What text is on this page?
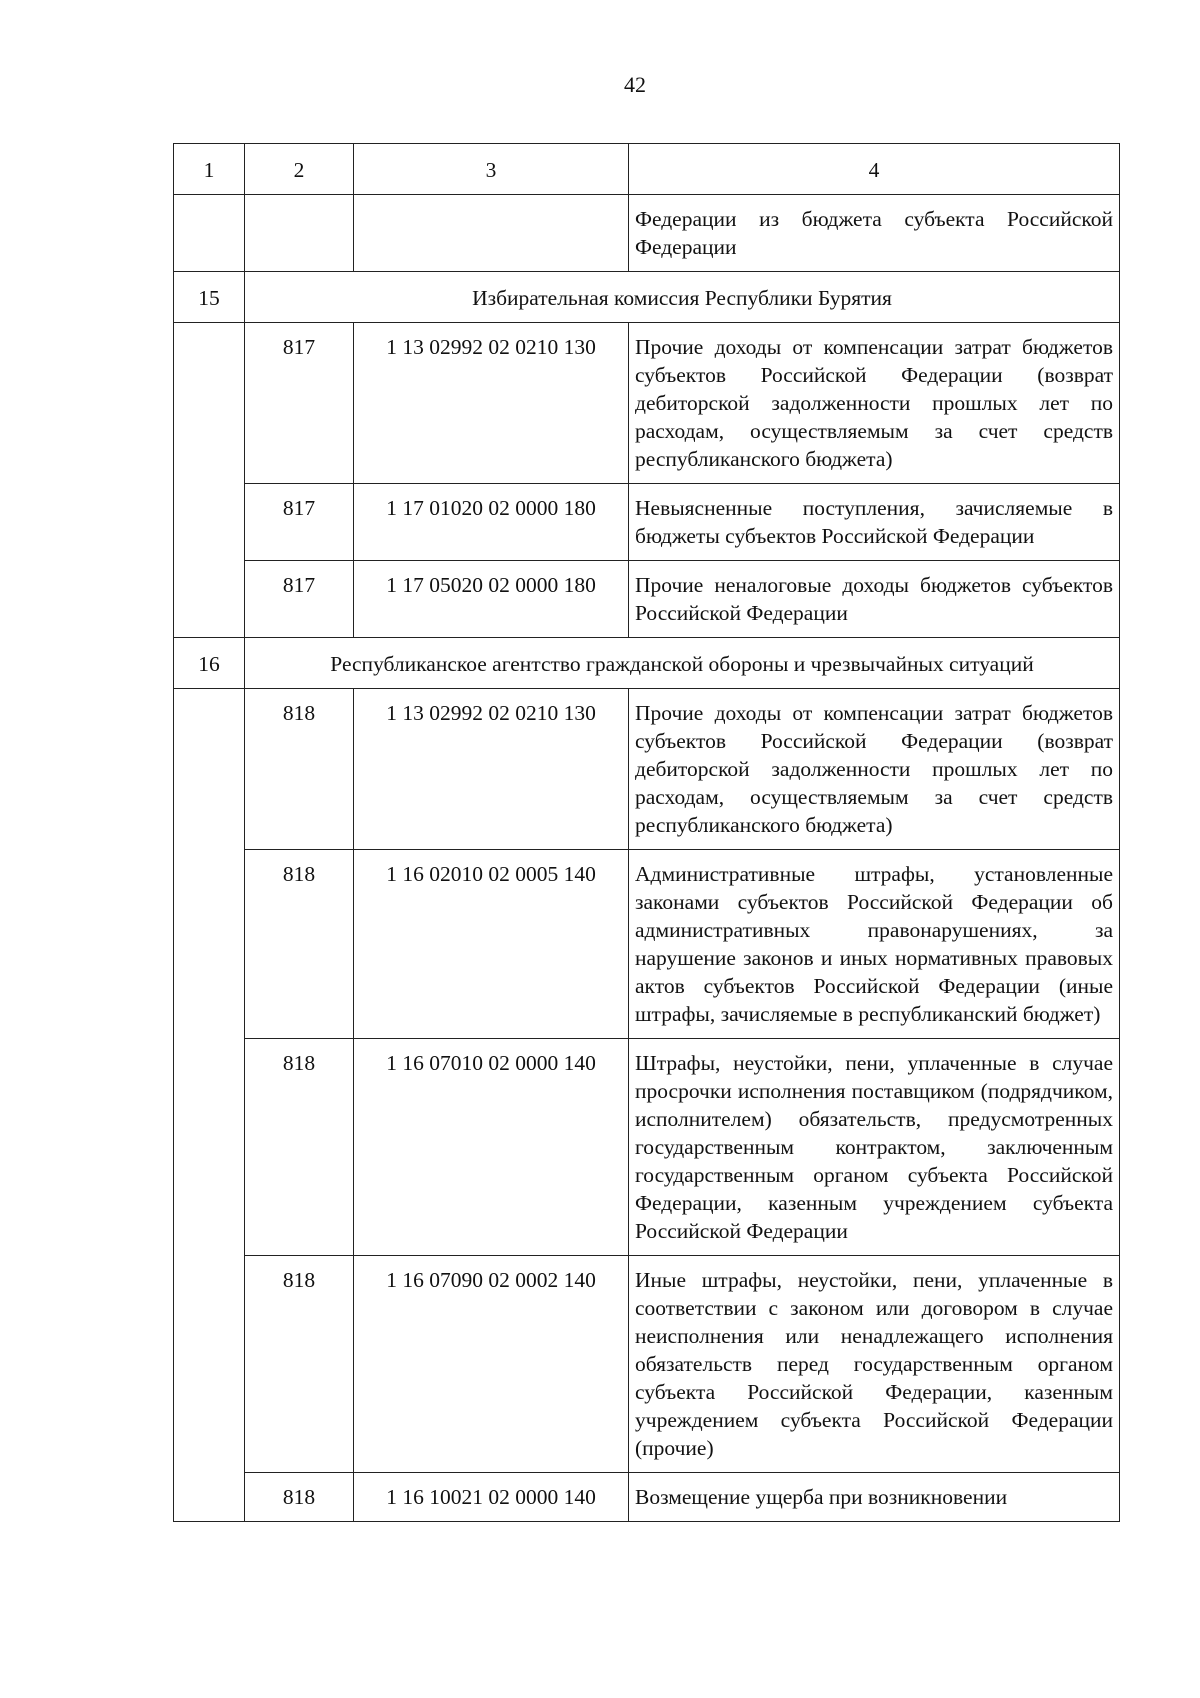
42
1	2	3	4
			Федерации из бюджета субъекта Российской Федерации
15	Избирательная комиссия Республики Бурятия		
	817	1 13 02992 02 0210 130	Прочие доходы от компенсации затрат бюджетов субъектов Российской Федерации (возврат дебиторской задолженности прошлых лет по расходам, осуществляемым за счет средств республиканского бюджета)
	817	1 17 01020 02 0000 180	Невыясненные поступления, зачисляемые в бюджеты субъектов Российской Федерации
	817	1 17 05020 02 0000 180	Прочие неналоговые доходы бюджетов субъектов Российской Федерации
16	Республиканское агентство гражданской обороны и чрезвычайных ситуаций		
	818	1 13 02992 02 0210 130	Прочие доходы от компенсации затрат бюджетов субъектов Российской Федерации (возврат дебиторской задолженности прошлых лет по расходам, осуществляемым за счет средств республиканского бюджета)
	818	1 16 02010 02 0005 140	Административные штрафы, установленные законами субъектов Российской Федерации об административных правонарушениях, за нарушение законов и иных нормативных правовых актов субъектов Российской Федерации (иные штрафы, зачисляемые в республиканский бюджет)
	818	1 16 07010 02 0000 140	Штрафы, неустойки, пени, уплаченные в случае просрочки исполнения поставщиком (подрядчиком, исполнителем) обязательств, предусмотренных государственным контрактом, заключенным государственным органом субъекта Российской Федерации, казенным учреждением субъекта Российской Федерации
	818	1 16 07090 02 0002 140	Иные штрафы, неустойки, пени, уплаченные в соответствии с законом или договором в случае неисполнения или ненадлежащего исполнения обязательств перед государственным органом субъекта Российской Федерации, казенным учреждением субъекта Российской Федерации (прочие)
	818	1 16 10021 02 0000 140	Возмещение ущерба при возникновении
